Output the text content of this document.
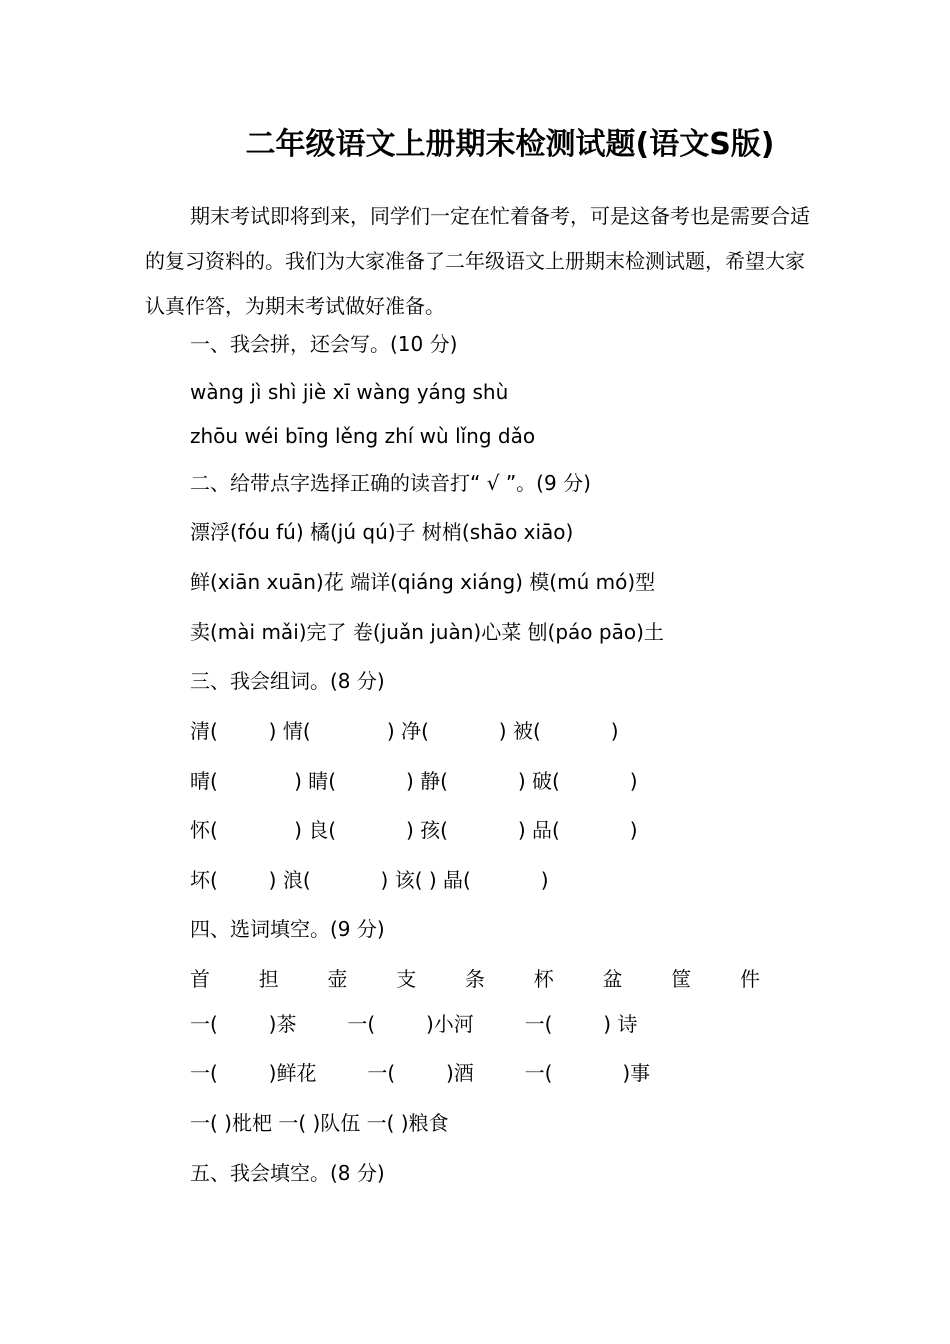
二年级语文上册期末检测试题(语文S版)
期末考试即将到来，同学们一定在忙着备考，可是这备考也是需要合适的复习资料的。我们为大家准备了二年级语文上册期末检测试题，希望大家认真作答，为期末考试做好准备。
一、我会拼，还会写。(10 分)
wàng jì shì jiè xī wàng yáng shù
zhōu wéi bīng lěng zhí wù lǐng dǎo
二、给带点字选择正确的读音打“ √ ”。(9 分)
漂浮(fóu fú) 橘(jú qú)子 树梢(shāo xiāo)
鲜(xiān xuān)花 端详(qiáng xiáng) 模(mú mó)型
卖(mài mǎi)完了 卷(juǎn juàn)心菜 刨(páo pāo)土
三、我会组词。(8 分)
清(        ) 情(            ) 净(           ) 被(           )
晴(            ) 睛(           ) 静(           ) 破(           )
怀(            ) 良(           ) 孩(           ) 品(           )
坏(        ) 浪(           ) 该( ) 晶(           )
四、选词填空。(9 分)
首 担 壶 支 条 杯 盆 筐 件
一(        )茶        一(        )小河        一(        ) 诗
一(        )鲜花        一(        )酒        一(           )事
一( )枇杷 一( )队伍 一( )粮食
五、我会填空。(8 分)
